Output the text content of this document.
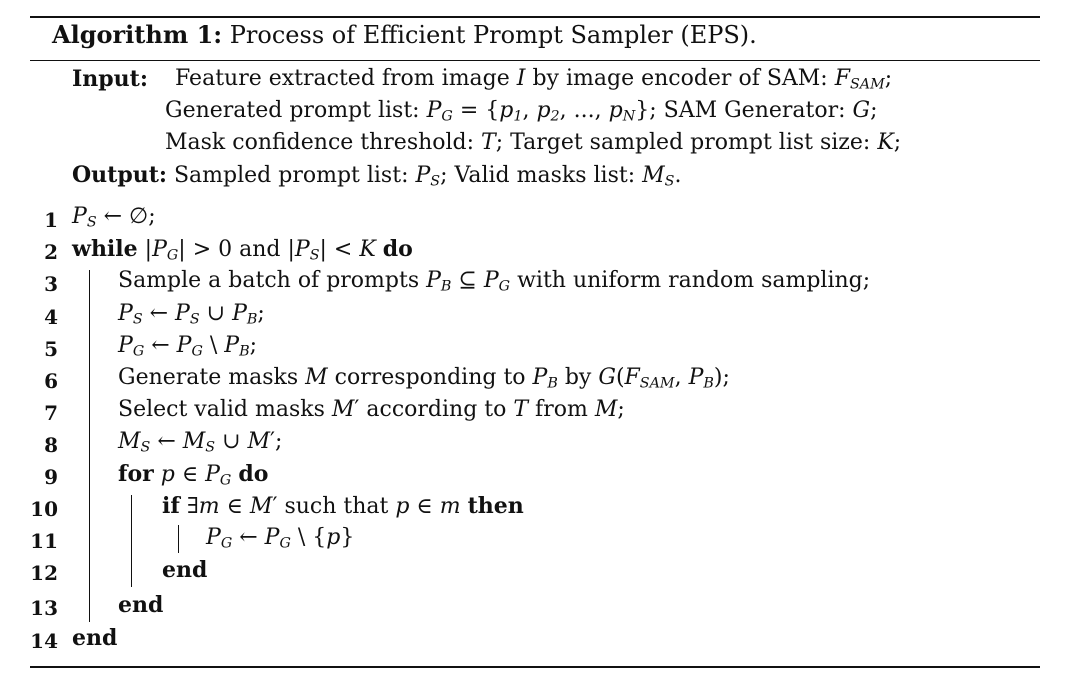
Algorithm 1: Process of Efficient Prompt Sampler (EPS).
Input: Feature extracted from image I by image encoder of SAM: $F_{SAM}$;
Generated prompt list: $P_G = \{p_1$, $p_2$, ..., $p_N$}; SAM Generator: G;
Mask confidence threshold: T; Target sampled prompt list size: K;
Output: Sampled prompt list: $P_S$; Valid masks list: $M_S$.
1
2
3
4
5
6
7
8
9
10
11
12
13
14
$P_S$ ← ∅;
while $|P_G| > 0$ and $|P_S| < K$ do
Sample a batch of prompts $P_B$ ⊆ $P_G$ with uniform random sampling;
$P_S$ ← $P_S$ ∪ $P_B$;
$P_G$ ← $P_G$ \ $P_B$;
Generate masks M corresponding to $P_B$ by $G(F_{SAM}$, $P_B$);
Select valid masks M′ according to T from M;
$M_S$ ← $M_S$ ∪ M′;
for p ∈ $P_G$ do
if ∃m ∈ M′ such that p ∈ m then
$P_G$ ← $P_G$ \ {p}
end
end
end
